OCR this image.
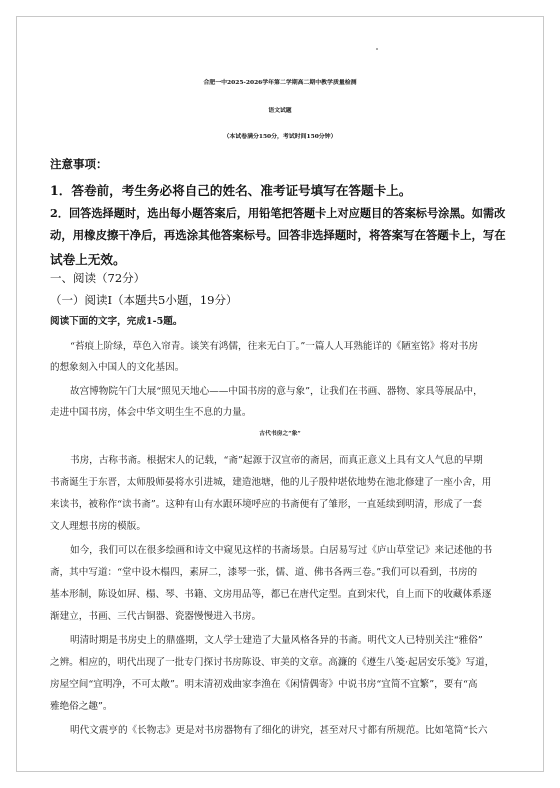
合肥一中2025-2026学年第二学期高二期中教学质量检测
语文试题
（本试卷满分150分，考试时间150分钟）
注意事项：
1．答卷前，考生务必将自己的姓名、准考证号填写在答题卡上。
2．回答选择题时，选出每小题答案后，用铅笔把答题卡上对应题目的答案标号涂黑。如需改
动，用橡皮擦干净后，再选涂其他答案标号。回答非选择题时，将答案写在答题卡上，写在
试卷上无效。
一、阅读（72分）
（一）阅读Ⅰ（本题共5小题，19分）
阅读下面的文字，完成1-5题。
“苔痕上阶绿，草色入帘青。谈笑有鸿儒，往来无白丁。”一篇人人耳熟能详的《陋室铭》将对书房
的想象刻入中国人的文化基因。
故宫博物院午门大展“照见天地心——中国书房的意与象”，让我们在书画、器物、家具等展品中，
走进中国书房，体会中华文明生生不息的力量。
古代书房之“象”
书房，古称书斋。根据宋人的记载，“斋”起源于汉宣帝的斋居，而真正意义上具有文人气息的早期
书斋诞生于东晋，太师殷师晏将水引进城，建造池塘，他的儿子殷仲堪依地势在池北修建了一座小舍，用
来读书，被称作“读书斋”。这种有山有水跟环境呼应的书斋便有了雏形，一直延续到明清，形成了一套
文人理想书房的模版。
如今，我们可以在很多绘画和诗文中窥见这样的书斋场景。白居易写过《庐山草堂记》来记述他的书
斋，其中写道：“堂中设木榻四，素屏二，漆琴一张，儒、道、佛书各两三卷。”我们可以看到，书房的
基本形制，陈设如屏、榻、琴、书籍、文房用品等，都已在唐代定型。直到宋代，自上而下的收藏体系逐
渐建立，书画、三代古铜器、瓷器慢慢进入书房。
明清时期是书房史上的鼎盛期，文人学士建造了大量风格各异的书斋。明代文人已特别关注“雅俗”
之辨。相应的，明代出现了一批专门探讨书房陈设、审美的文章。高濂的《遵生八笺·起居安乐笺》写道，
房屋空间“宜明净，不可太敞”。明末清初戏曲家李渔在《闲情偶寄》中说书房“宜简不宜繁”，要有“高
雅绝俗之趣”。
明代文震亨的《长物志》更是对书房器物有了细化的讲究，甚至对尺寸都有所规范。比如笔筒“长六
